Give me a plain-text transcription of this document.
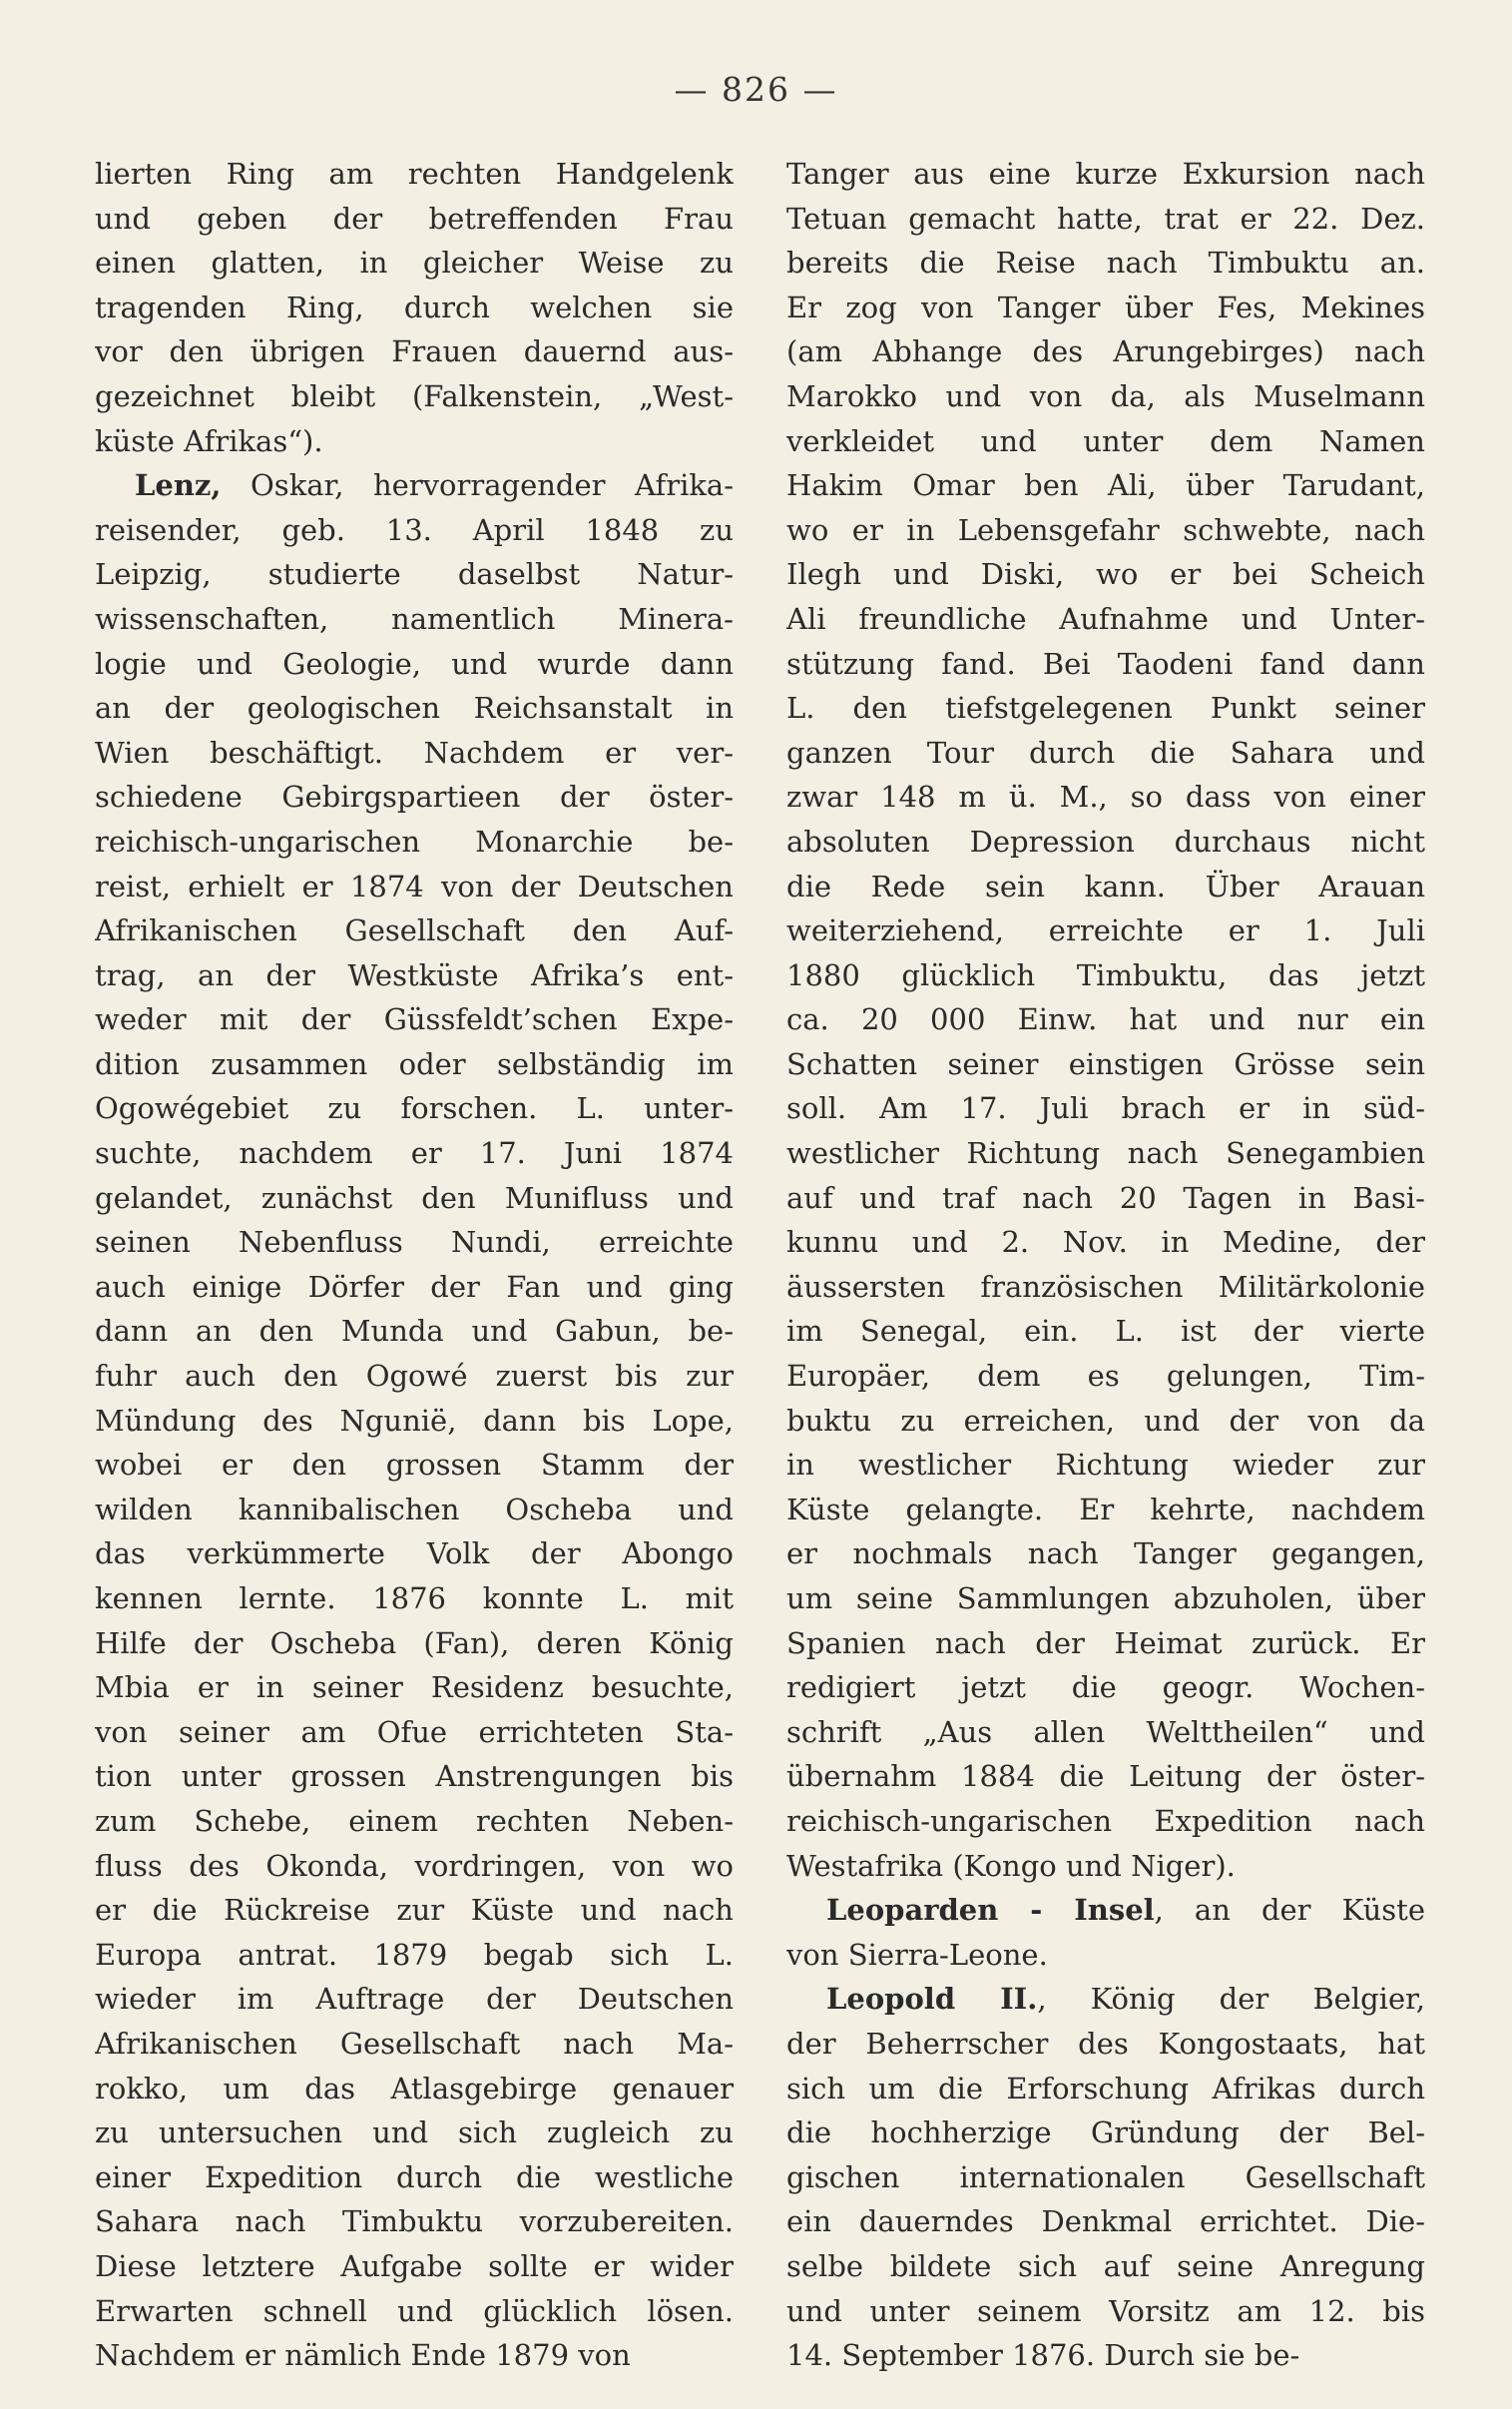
— 826 —
lierten Ring am rechten Handgelenk
und geben der betreffenden Frau
einen glatten, in gleicher Weise zu
tragenden Ring, durch welchen sie
vor den übrigen Frauen dauernd aus-
gezeichnet bleibt (Falkenstein, „West-
küste Afrikas“).
Lenz, Oskar, hervorragender Afrika-
reisender, geb. 13. April 1848 zu
Leipzig, studierte daselbst Natur-
wissenschaften, namentlich Minera-
logie und Geologie, und wurde dann
an der geologischen Reichsanstalt in
Wien beschäftigt. Nachdem er ver-
schiedene Gebirgspartieen der öster-
reichisch-ungarischen Monarchie be-
reist, erhielt er 1874 von der Deutschen
Afrikanischen Gesellschaft den Auf-
trag, an der Westküste Afrika’s ent-
weder mit der Güssfeldt’schen Expe-
dition zusammen oder selbständig im
Ogowégebiet zu forschen. L. unter-
suchte, nachdem er 17. Juni 1874
gelandet, zunächst den Munifluss und
seinen Nebenfluss Nundi, erreichte
auch einige Dörfer der Fan und ging
dann an den Munda und Gabun, be-
fuhr auch den Ogowé zuerst bis zur
Mündung des Ngunië, dann bis Lope,
wobei er den grossen Stamm der
wilden kannibalischen Oscheba und
das verkümmerte Volk der Abongo
kennen lernte. 1876 konnte L. mit
Hilfe der Oscheba (Fan), deren König
Mbia er in seiner Residenz besuchte,
von seiner am Ofue errichteten Sta-
tion unter grossen Anstrengungen bis
zum Schebe, einem rechten Neben-
fluss des Okonda, vordringen, von wo
er die Rückreise zur Küste und nach
Europa antrat. 1879 begab sich L.
wieder im Auftrage der Deutschen
Afrikanischen Gesellschaft nach Ma-
rokko, um das Atlasgebirge genauer
zu untersuchen und sich zugleich zu
einer Expedition durch die westliche
Sahara nach Timbuktu vorzubereiten.
Diese letztere Aufgabe sollte er wider
Erwarten schnell und glücklich lösen.
Nachdem er nämlich Ende 1879 von
Tanger aus eine kurze Exkursion nach
Tetuan gemacht hatte, trat er 22. Dez.
bereits die Reise nach Timbuktu an.
Er zog von Tanger über Fes, Mekines
(am Abhange des Arungebirges) nach
Marokko und von da, als Muselmann
verkleidet und unter dem Namen
Hakim Omar ben Ali, über Tarudant,
wo er in Lebensgefahr schwebte, nach
Ilegh und Diski, wo er bei Scheich
Ali freundliche Aufnahme und Unter-
stützung fand. Bei Taodeni fand dann
L. den tiefstgelegenen Punkt seiner
ganzen Tour durch die Sahara und
zwar 148 m ü. M., so dass von einer
absoluten Depression durchaus nicht
die Rede sein kann. Über Arauan
weiterziehend, erreichte er 1. Juli
1880 glücklich Timbuktu, das jetzt
ca. 20 000 Einw. hat und nur ein
Schatten seiner einstigen Grösse sein
soll. Am 17. Juli brach er in süd-
westlicher Richtung nach Senegambien
auf und traf nach 20 Tagen in Basi-
kunnu und 2. Nov. in Medine, der
äussersten französischen Militärkolonie
im Senegal, ein. L. ist der vierte
Europäer, dem es gelungen, Tim-
buktu zu erreichen, und der von da
in westlicher Richtung wieder zur
Küste gelangte. Er kehrte, nachdem
er nochmals nach Tanger gegangen,
um seine Sammlungen abzuholen, über
Spanien nach der Heimat zurück. Er
redigiert jetzt die geogr. Wochen-
schrift „Aus allen Welttheilen“ und
übernahm 1884 die Leitung der öster-
reichisch-ungarischen Expedition nach
Westafrika (Kongo und Niger).
Leoparden - Insel, an der Küste
von Sierra-Leone.
Leopold II., König der Belgier,
der Beherrscher des Kongostaats, hat
sich um die Erforschung Afrikas durch
die hochherzige Gründung der Bel-
gischen internationalen Gesellschaft
ein dauerndes Denkmal errichtet. Die-
selbe bildete sich auf seine Anregung
und unter seinem Vorsitz am 12. bis
14. September 1876. Durch sie be-
